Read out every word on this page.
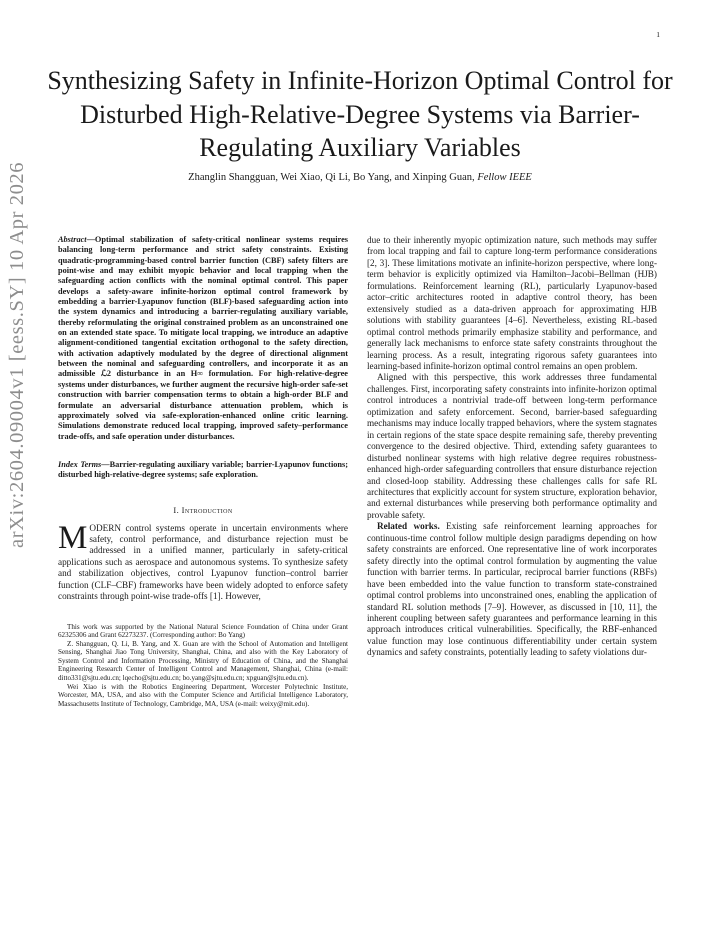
1
arXiv:2604.09004v1 [eess.SY] 10 Apr 2026
Synthesizing Safety in Infinite-Horizon Optimal Control for Disturbed High-Relative-Degree Systems via Barrier-Regulating Auxiliary Variables
Zhanglin Shangguan, Wei Xiao, Qi Li, Bo Yang, and Xinping Guan, Fellow IEEE
Abstract—Optimal stabilization of safety-critical nonlinear systems requires balancing long-term performance and strict safety constraints. Existing quadratic-programming-based control barrier function (CBF) safety filters are point-wise and may exhibit myopic behavior and local trapping when the safeguarding action conflicts with the nominal optimal control. This paper develops a safety-aware infinite-horizon optimal control framework by embedding a barrier-Lyapunov function (BLF)-based safeguarding action into the system dynamics and introducing a barrier-regulating auxiliary variable, thereby reformulating the original constrained problem as an unconstrained one on an extended state space. To mitigate local trapping, we introduce an adaptive alignment-conditioned tangential excitation orthogonal to the safety direction, with activation adaptively modulated by the degree of directional alignment between the nominal and safeguarding controllers, and incorporate it as an admissible ℒ2 disturbance in an H∞ formulation. For high-relative-degree systems under disturbances, we further augment the recursive high-order safe-set construction with barrier compensation terms to obtain a high-order BLF and formulate an adversarial disturbance attenuation problem, which is approximately solved via safe-exploration-enhanced online critic learning. Simulations demonstrate reduced local trapping, improved safety–performance trade-offs, and safe operation under disturbances.
Index Terms—Barrier-regulating auxiliary variable; barrier-Lyapunov functions; disturbed high-relative-degree systems; safe exploration.
I. Introduction
MODERN control systems operate in uncertain environments where safety, control performance, and disturbance rejection must be addressed in a unified manner, particularly in safety-critical applications such as aerospace and autonomous systems. To synthesize safety and stabilization objectives, control Lyapunov function–control barrier function (CLF–CBF) frameworks have been widely adopted to enforce safety constraints through point-wise trade-offs [1]. However,

This work was supported by the National Natural Science Foundation of China under Grant 62325306 and Grant 62273237. (Corresponding author: Bo Yang)

Z. Shangguan, Q. Li, B. Yang, and X. Guan are with the School of Automation and Intelligent Sensing, Shanghai Jiao Tong University, Shanghai, China, and also with the Key Laboratory of System Control and Information Processing, Ministry of Education of China, and the Shanghai Engineering Research Center of Intelligent Control and Management, Shanghai, China (e-mail: ditto331@sjtu.edu.cn; lqecho@sjtu.edu.cn; bo.yang@sjtu.edu.cn; xpguan@sjtu.edu.cn).

Wei Xiao is with the Robotics Engineering Department, Worcester Polytechnic Institute, Worcester, MA, USA, and also with the Computer Science and Artificial Intelligence Laboratory, Massachusetts Institute of Technology, Cambridge, MA, USA (e-mail: weixy@mit.edu).

due to their inherently myopic optimization nature, such methods may suffer from local trapping and fail to capture long-term performance considerations [2, 3]. These limitations motivate an infinite-horizon perspective, where long-term behavior is explicitly optimized via Hamilton–Jacobi–Bellman (HJB) formulations. Reinforcement learning (RL), particularly Lyapunov-based actor–critic architectures rooted in adaptive control theory, has been extensively studied as a data-driven approach for approximating HJB solutions with stability guarantees [4–6]. Nevertheless, existing RL-based optimal control methods primarily emphasize stability and performance, and generally lack mechanisms to enforce state safety constraints throughout the learning process. As a result, integrating rigorous safety guarantees into learning-based infinite-horizon optimal control remains an open problem.

Aligned with this perspective, this work addresses three fundamental challenges. First, incorporating safety constraints into infinite-horizon optimal control introduces a nontrivial trade-off between long-term performance optimization and safety enforcement. Second, barrier-based safeguarding mechanisms may induce locally trapped behaviors, where the system stagnates in certain regions of the state space despite remaining safe, thereby preventing convergence to the desired objective. Third, extending safety guarantees to disturbed nonlinear systems with high relative degree requires robustness-enhanced high-order safeguarding controllers that ensure disturbance rejection and closed-loop stability. Addressing these challenges calls for safe RL architectures that explicitly account for system structure, exploration behavior, and external disturbances while preserving both performance optimality and provable safety.

Related works. Existing safe reinforcement learning approaches for continuous-time control follow multiple design paradigms depending on how safety constraints are enforced. One representative line of work incorporates safety directly into the optimal control formulation by augmenting the value function with barrier terms. In particular, reciprocal barrier functions (RBFs) have been embedded into the value function to transform state-constrained optimal control problems into unconstrained ones, enabling the application of standard RL solution methods [7–9]. However, as discussed in [10, 11], the inherent coupling between safety guarantees and performance learning in this approach introduces critical vulnerabilities. Specifically, the RBF-enhanced value function may lose continuous differentiability under certain system dynamics and safety constraints, potentially leading to safety violations dur-
